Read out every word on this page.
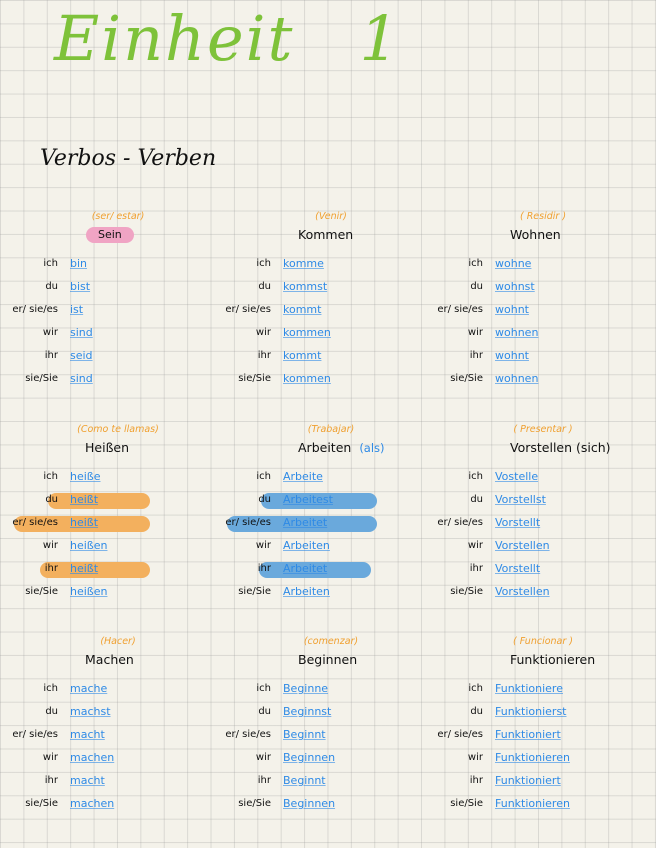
Einheit   1
Verbos - Verben
(ser/ estar)
Sein
ich bin
du bist
er/ sie/es ist
wir sind
ihr seid
sie/Sie sind
(Venir)
Kommen
ich komme
du kommst
er/ sie/es kommt
wir kommen
ihr kommt
sie/Sie kommen
( Residir )
Wohnen
ich wohne
du wohnst
er/ sie/es wohnt
wir wohnen
ihr wohnt
sie/Sie wohnen
(Como te llamas)
Heißen
ich heiße
du heißt
er/ sie/es heißt
wir heißen
ihr heißt
sie/Sie heißen
(Trabajar)
Arbeiten (als)
ich Arbeite
du Arbeitest
er/ sie/es Arbeitet
wir Arbeiten
ihr Arbeitet
sie/Sie Arbeiten
( Presentar )
Vorstellen (sich)
ich Vostelle
du Vorstellst
er/ sie/es Vorstellt
wir Vorstellen
ihr Vorstellt
sie/Sie Vorstellen
(Hacer)
Machen
ich mache
du machst
er/ sie/es macht
wir machen
ihr macht
sie/Sie machen
(comenzar)
Beginnen
ich Beginne
du Beginnst
er/ sie/es Beginnt
wir Beginnen
ihr Beginnt
sie/Sie Beginnen
( Funcionar )
Funktionieren
ich Funktioniere
du Funktionierst
er/ sie/es Funktioniert
wir Funktionieren
ihr Funktioniert
sie/Sie Funktionieren
